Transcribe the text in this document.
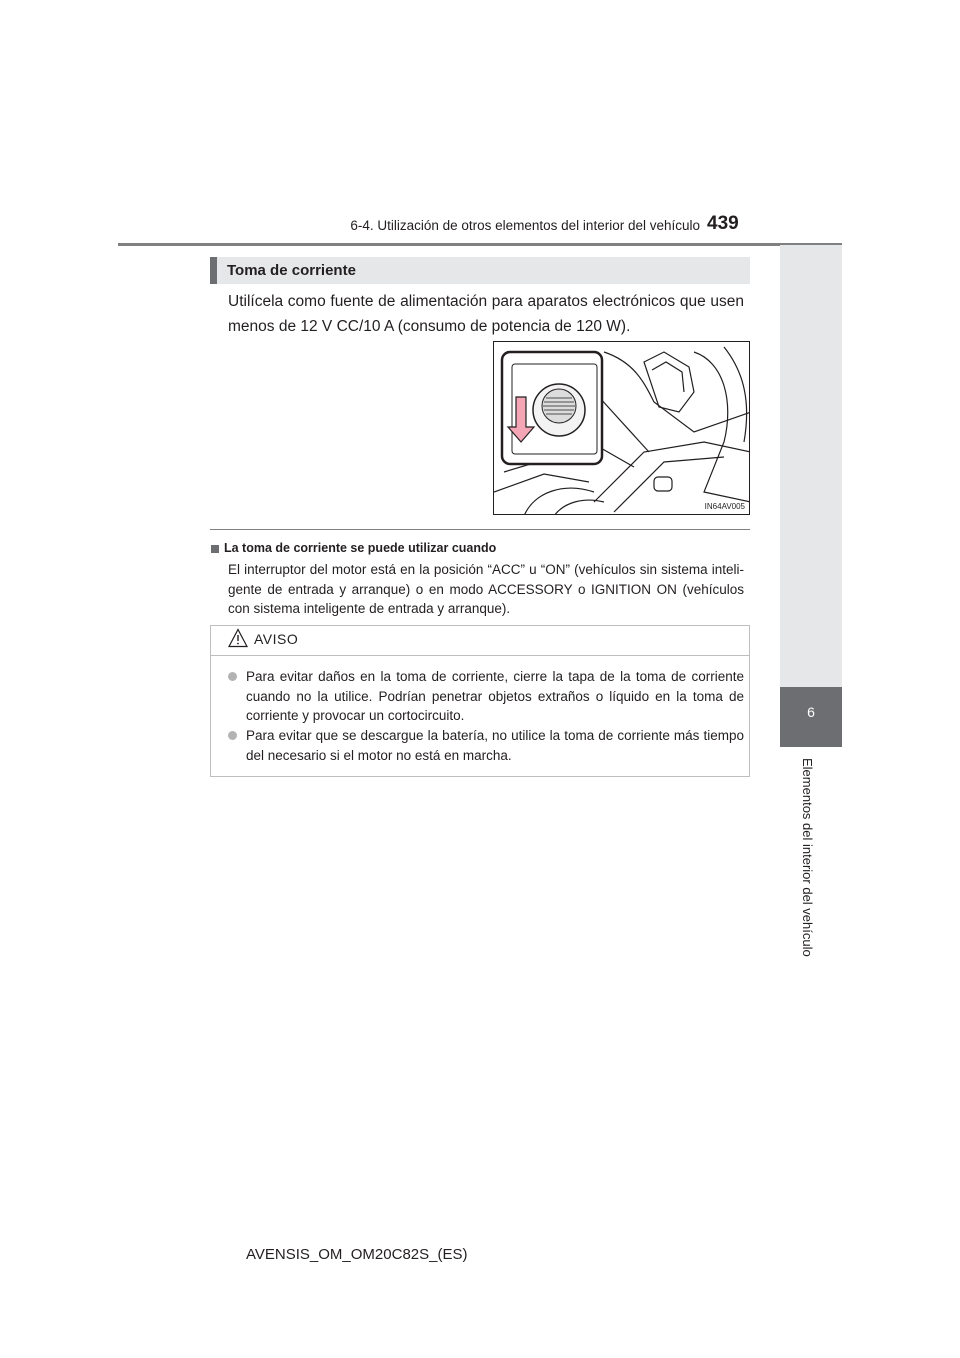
6-4. Utilización de otros elementos del interior del vehículo 439
6
Elementos del interior del vehículo
Toma de corriente
Utilícela como fuente de alimentación para aparatos electrónicos que usen menos de 12 V CC/10 A (consumo de potencia de 120 W).
IN64AV005
La toma de corriente se puede utilizar cuando
El interruptor del motor está en la posición “ACC” u “ON” (vehículos sin sistema inteli-gente de entrada y arranque) o en modo ACCESSORY o IGNITION ON (vehículos con sistema inteligente de entrada y arranque).
AVISO
Para evitar daños en la toma de corriente, cierre la tapa de la toma de corriente cuando no la utilice. Podrían penetrar objetos extraños o líquido en la toma de corriente y provocar un cortocircuito.
Para evitar que se descargue la batería, no utilice la toma de corriente más tiempo del necesario si el motor no está en marcha.
AVENSIS_OM_OM20C82S_(ES)
